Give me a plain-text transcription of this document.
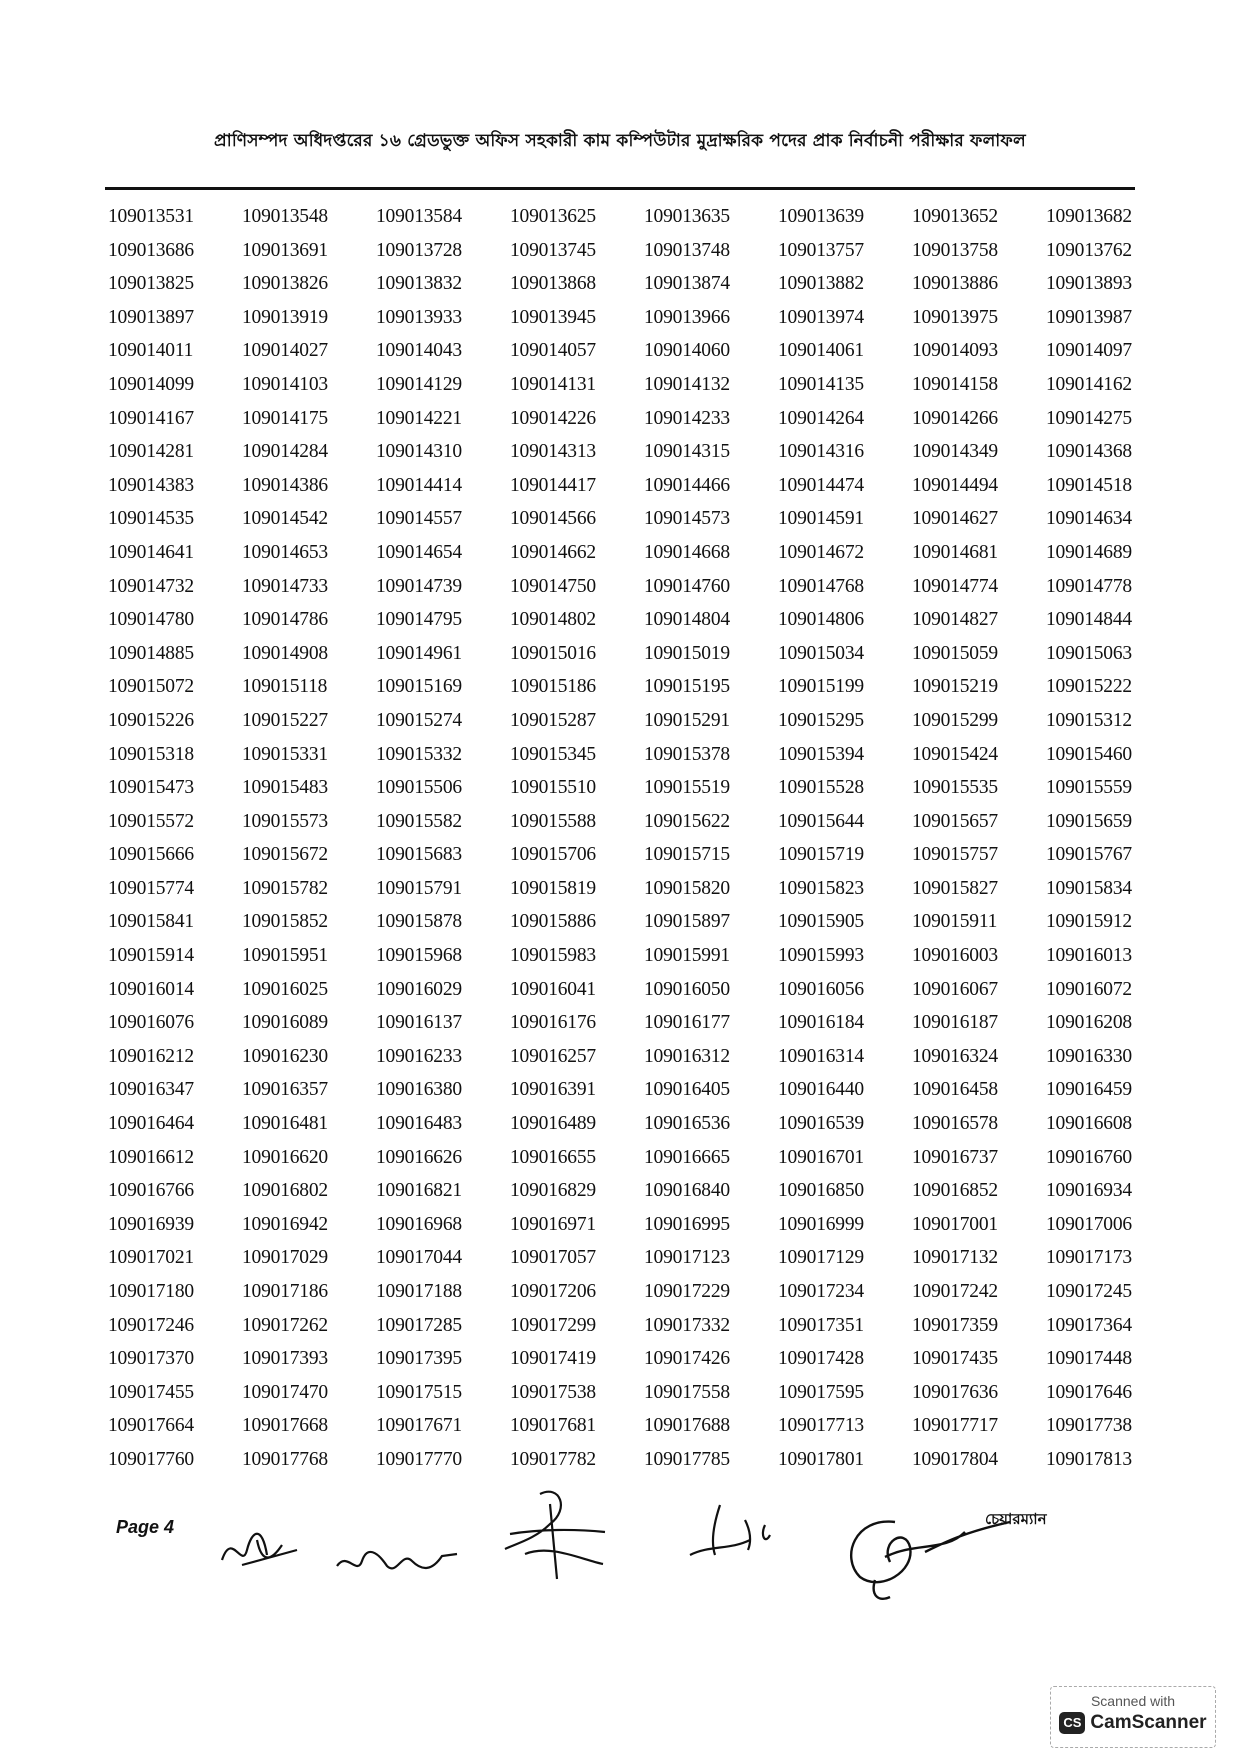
প্রাণিসম্পদ অধিদপ্তরের ১৬ গ্রেডভুক্ত অফিস সহকারী কাম কম্পিউটার মুদ্রাক্ষরিক পদের প্রাক নির্বাচনী পরীক্ষার ফলাফল
109013531	109013548	109013584	109013625	109013635	109013639	109013652	109013682
109013686	109013691	109013728	109013745	109013748	109013757	109013758	109013762
109013825	109013826	109013832	109013868	109013874	109013882	109013886	109013893
109013897	109013919	109013933	109013945	109013966	109013974	109013975	109013987
109014011	109014027	109014043	109014057	109014060	109014061	109014093	109014097
109014099	109014103	109014129	109014131	109014132	109014135	109014158	109014162
109014167	109014175	109014221	109014226	109014233	109014264	109014266	109014275
109014281	109014284	109014310	109014313	109014315	109014316	109014349	109014368
109014383	109014386	109014414	109014417	109014466	109014474	109014494	109014518
109014535	109014542	109014557	109014566	109014573	109014591	109014627	109014634
109014641	109014653	109014654	109014662	109014668	109014672	109014681	109014689
109014732	109014733	109014739	109014750	109014760	109014768	109014774	109014778
109014780	109014786	109014795	109014802	109014804	109014806	109014827	109014844
109014885	109014908	109014961	109015016	109015019	109015034	109015059	109015063
109015072	109015118	109015169	109015186	109015195	109015199	109015219	109015222
109015226	109015227	109015274	109015287	109015291	109015295	109015299	109015312
109015318	109015331	109015332	109015345	109015378	109015394	109015424	109015460
109015473	109015483	109015506	109015510	109015519	109015528	109015535	109015559
109015572	109015573	109015582	109015588	109015622	109015644	109015657	109015659
109015666	109015672	109015683	109015706	109015715	109015719	109015757	109015767
109015774	109015782	109015791	109015819	109015820	109015823	109015827	109015834
109015841	109015852	109015878	109015886	109015897	109015905	109015911	109015912
109015914	109015951	109015968	109015983	109015991	109015993	109016003	109016013
109016014	109016025	109016029	109016041	109016050	109016056	109016067	109016072
109016076	109016089	109016137	109016176	109016177	109016184	109016187	109016208
109016212	109016230	109016233	109016257	109016312	109016314	109016324	109016330
109016347	109016357	109016380	109016391	109016405	109016440	109016458	109016459
109016464	109016481	109016483	109016489	109016536	109016539	109016578	109016608
109016612	109016620	109016626	109016655	109016665	109016701	109016737	109016760
109016766	109016802	109016821	109016829	109016840	109016850	109016852	109016934
109016939	109016942	109016968	109016971	109016995	109016999	109017001	109017006
109017021	109017029	109017044	109017057	109017123	109017129	109017132	109017173
109017180	109017186	109017188	109017206	109017229	109017234	109017242	109017245
109017246	109017262	109017285	109017299	109017332	109017351	109017359	109017364
109017370	109017393	109017395	109017419	109017426	109017428	109017435	109017448
109017455	109017470	109017515	109017538	109017558	109017595	109017636	109017646
109017664	109017668	109017671	109017681	109017688	109017713	109017717	109017738
109017760	109017768	109017770	109017782	109017785	109017801	109017804	109017813
Page 4	চেয়ারম্যান
Scanned with
CS CamScanner
